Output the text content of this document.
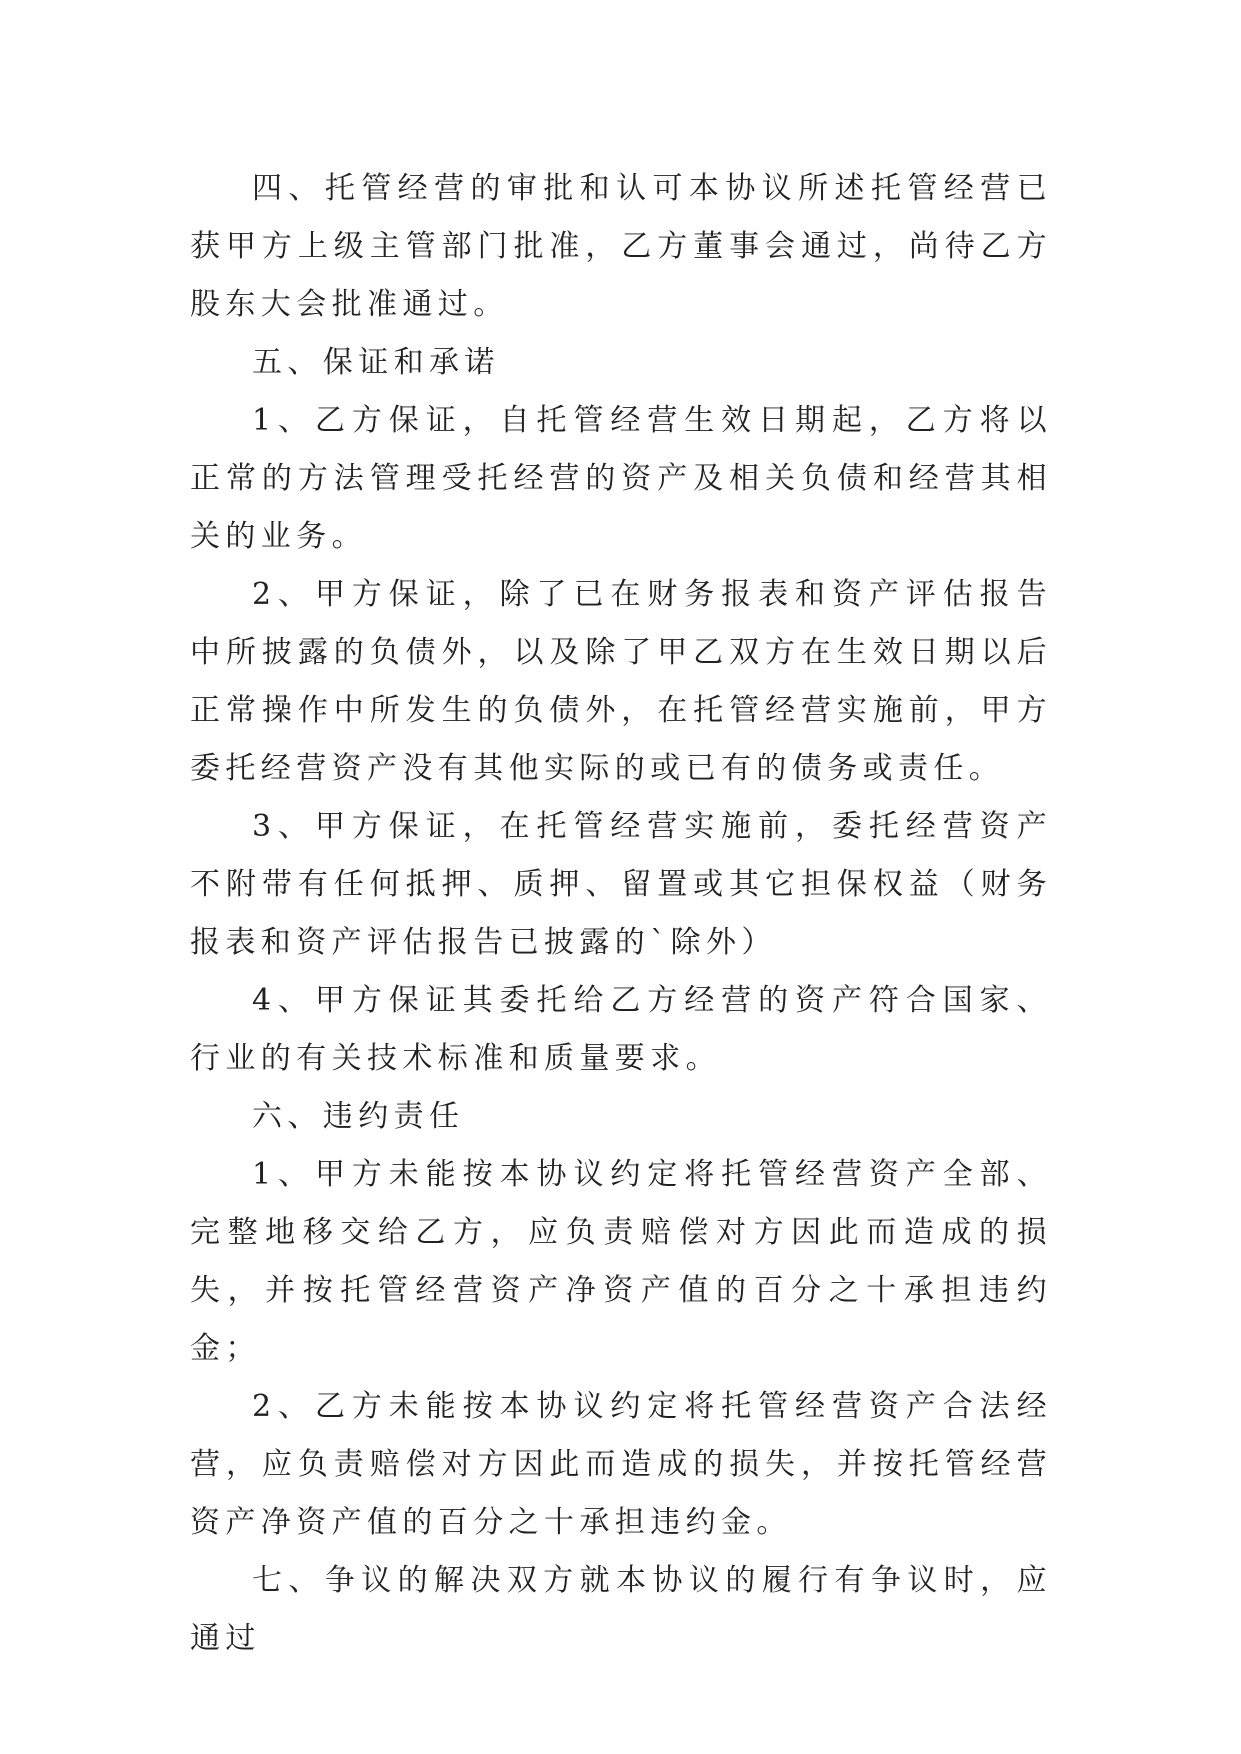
四、托管经营的审批和认可本协议所述托管经营已获甲方上级主管部门批准，乙方董事会通过，尚待乙方股东大会批准通过。

五、保证和承诺

1、乙方保证，自托管经营生效日期起，乙方将以正常的方法管理受托经营的资产及相关负债和经营其相关的业务。

2、甲方保证，除了已在财务报表和资产评估报告中所披露的负债外，以及除了甲乙双方在生效日期以后正常操作中所发生的负债外，在托管经营实施前，甲方委托经营资产没有其他实际的或已有的债务或责任。

3、甲方保证，在托管经营实施前，委托经营资产不附带有任何抵押、质押、留置或其它担保权益（财务报表和资产评估报告已披露的`除外）

4、甲方保证其委托给乙方经营的资产符合国家、行业的有关技术标准和质量要求。

六、违约责任

1、甲方未能按本协议约定将托管经营资产全部、完整地移交给乙方，应负责赔偿对方因此而造成的损失，并按托管经营资产净资产值的百分之十承担违约金；

2、乙方未能按本协议约定将托管经营资产合法经营，应负责赔偿对方因此而造成的损失，并按托管经营资产净资产值的百分之十承担违约金。

七、争议的解决双方就本协议的履行有争议时，应通过
